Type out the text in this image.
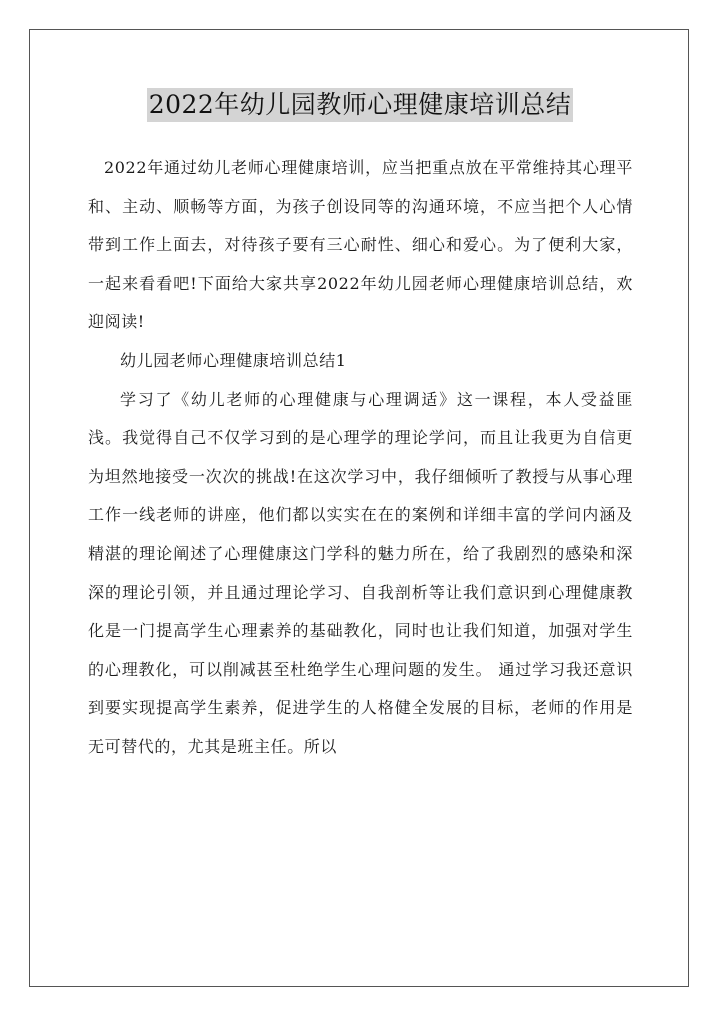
2022年幼儿园教师心理健康培训总结

2022年通过幼儿老师心理健康培训，应当把重点放在平常维持其心理平和、主动、顺畅等方面，为孩子创设同等的沟通环境，不应当把个人心情带到工作上面去，对待孩子要有三心耐性、细心和爱心。为了便利大家，一起来看看吧!下面给大家共享2022年幼儿园老师心理健康培训总结，欢迎阅读!

幼儿园老师心理健康培训总结1

学习了《幼儿老师的心理健康与心理调适》这一课程，本人受益匪浅。我觉得自己不仅学习到的是心理学的理论学问，而且让我更为自信更为坦然地接受一次次的挑战!在这次学习中，我仔细倾听了教授与从事心理工作一线老师的讲座，他们都以实实在在的案例和详细丰富的学问内涵及精湛的理论阐述了心理健康这门学科的魅力所在，给了我剧烈的感染和深深的理论引领，并且通过理论学习、自我剖析等让我们意识到心理健康教化是一门提高学生心理素养的基础教化，同时也让我们知道，加强对学生的心理教化，可以削减甚至杜绝学生心理问题的发生。 通过学习我还意识到要实现提高学生素养，促进学生的人格健全发展的目标，老师的作用是无可替代的，尤其是班主任。所以
